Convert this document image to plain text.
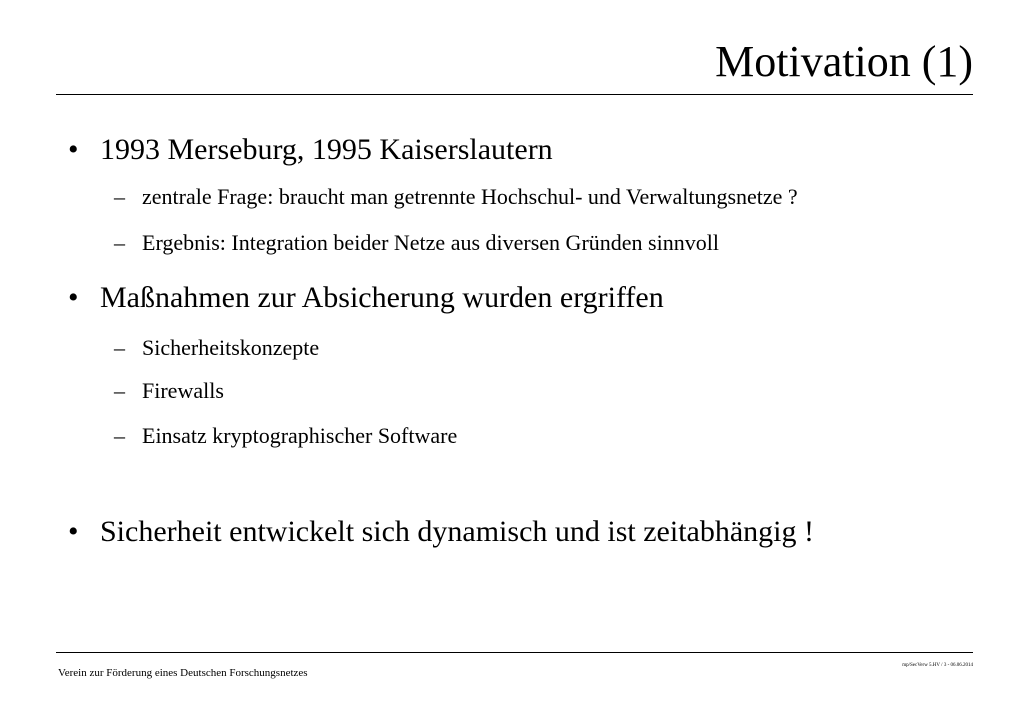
Motivation (1)
• 1993 Merseburg, 1995 Kaiserslautern
– zentrale Frage: braucht man getrennte Hochschul- und Verwaltungsnetze ?
– Ergebnis: Integration beider Netze aus diversen Gründen sinnvoll
• Maßnahmen zur Absicherung wurden ergriffen
– Sicherheitskonzepte
– Firewalls
– Einsatz kryptographischer Software
• Sicherheit entwickelt sich dynamisch und ist zeitabhängig !
Verein zur Förderung eines Deutschen Forschungsnetzes
mp/SecVerw 5.HV / 3 - 06.06.2014
